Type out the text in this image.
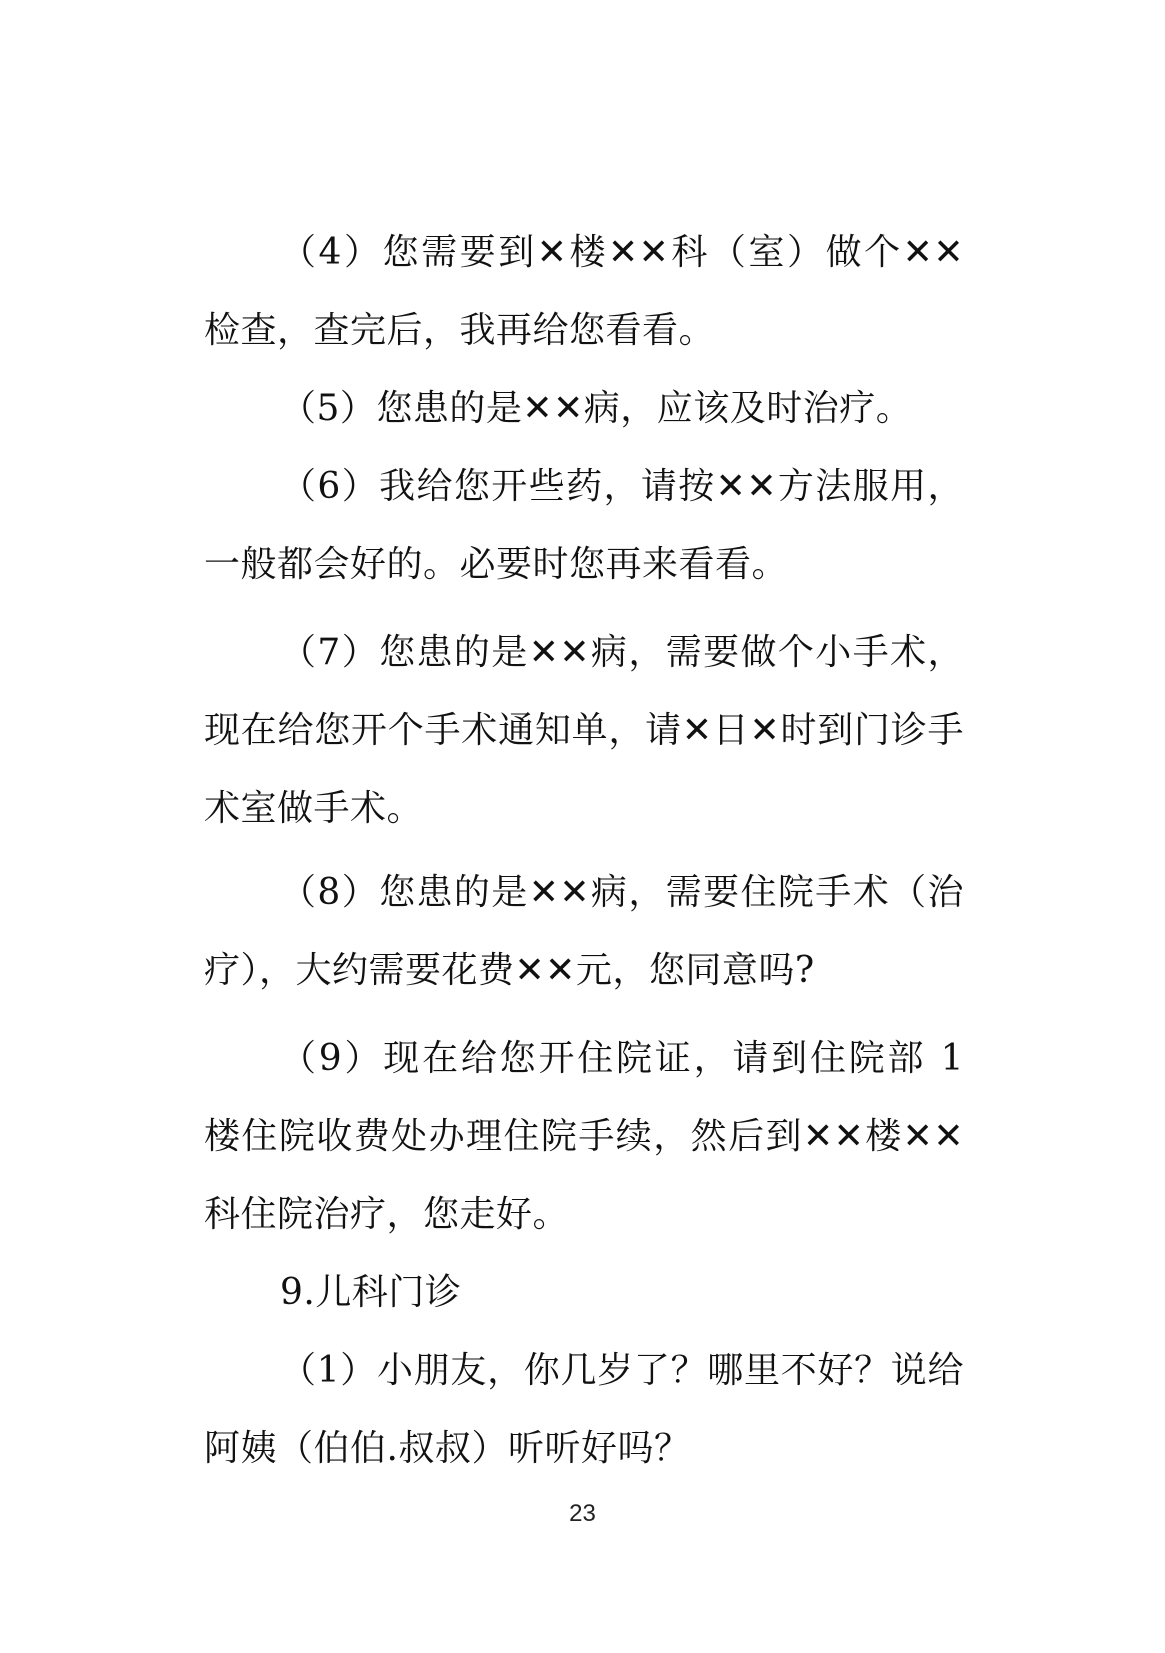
（4）您需要到✕楼✕✕科（室）做个✕✕检查，查完后，我再给您看看。

（5）您患的是✕✕病，应该及时治疗。

（6）我给您开些药，请按✕✕方法服用，一般都会好的。必要时您再来看看。

（7）您患的是✕✕病，需要做个小手术，现在给您开个手术通知单，请✕日✕时到门诊手术室做手术。

（8）您患的是✕✕病，需要住院手术（治疗），大约需要花费✕✕元，您同意吗?

（9）现在给您开住院证，请到住院部 1 楼住院收费处办理住院手续，然后到✕✕楼✕✕科住院治疗，您走好。

9.儿科门诊

（1）小朋友，你几岁了？哪里不好？说给阿姨（伯伯.叔叔）听听好吗？

23
